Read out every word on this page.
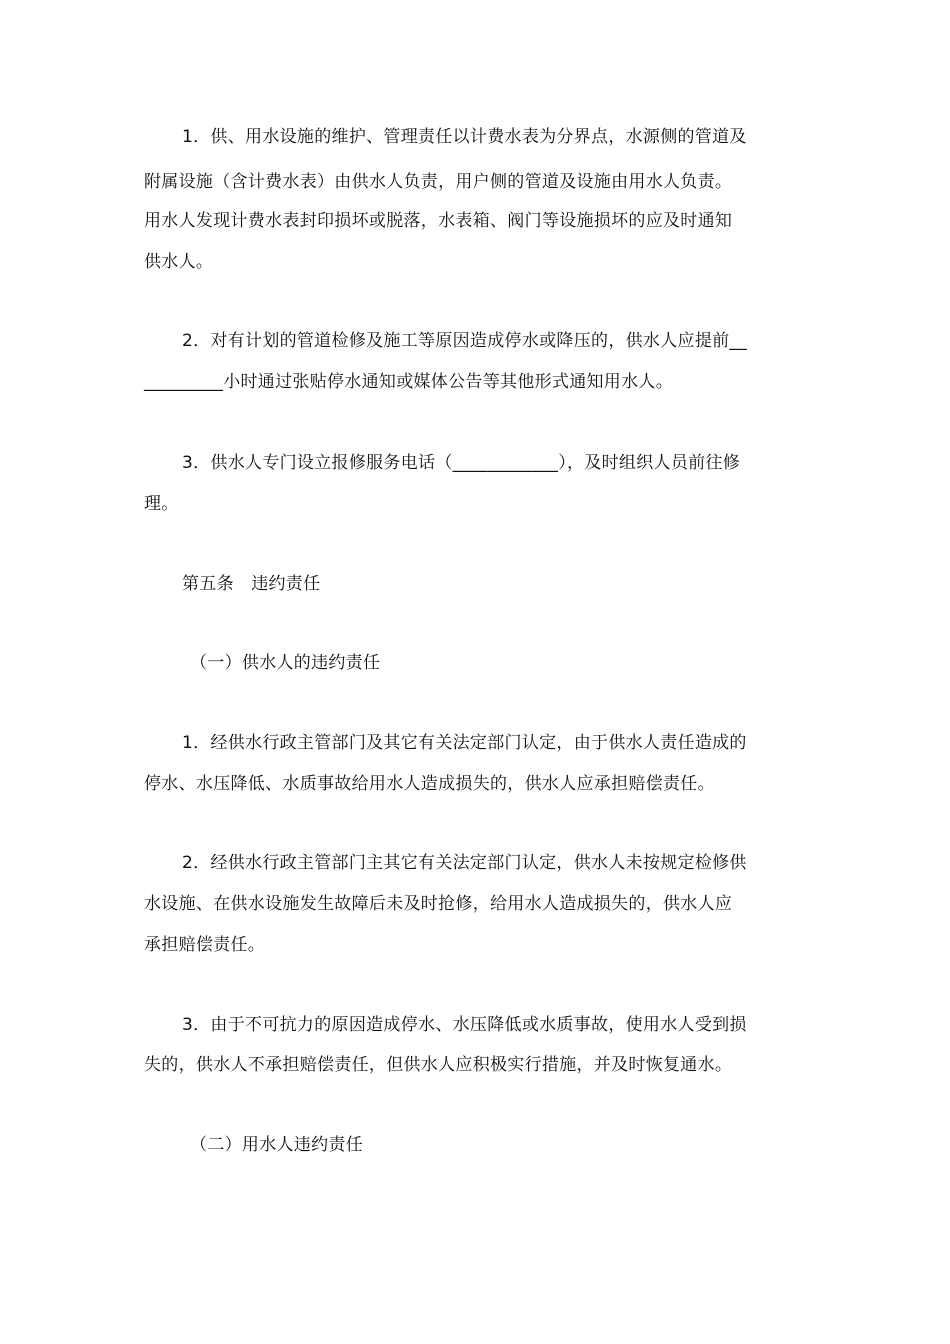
1．供、用水设施的维护、管理责任以计费水表为分界点，水源侧的管道及
附属设施（含计费水表）由供水人负责，用户侧的管道及设施由用水人负责。
用水人发现计费水表封印损坏或脱落，水表箱、阀门等设施损坏的应及时通知
供水人。
2．对有计划的管道检修及施工等原因造成停水或降压的，供水人应提前__
_________小时通过张贴停水通知或媒体公告等其他形式通知用水人。
3．供水人专门设立报修服务电话（____________），及时组织人员前往修
理。
第五条　违约责任
（一）供水人的违约责任
1．经供水行政主管部门及其它有关法定部门认定，由于供水人责任造成的
停水、水压降低、水质事故给用水人造成损失的，供水人应承担赔偿责任。
2．经供水行政主管部门主其它有关法定部门认定，供水人未按规定检修供
水设施、在供水设施发生故障后未及时抢修，给用水人造成损失的，供水人应
承担赔偿责任。
3．由于不可抗力的原因造成停水、水压降低或水质事故，使用水人受到损
失的，供水人不承担赔偿责任，但供水人应积极实行措施，并及时恢复通水。
（二）用水人违约责任
